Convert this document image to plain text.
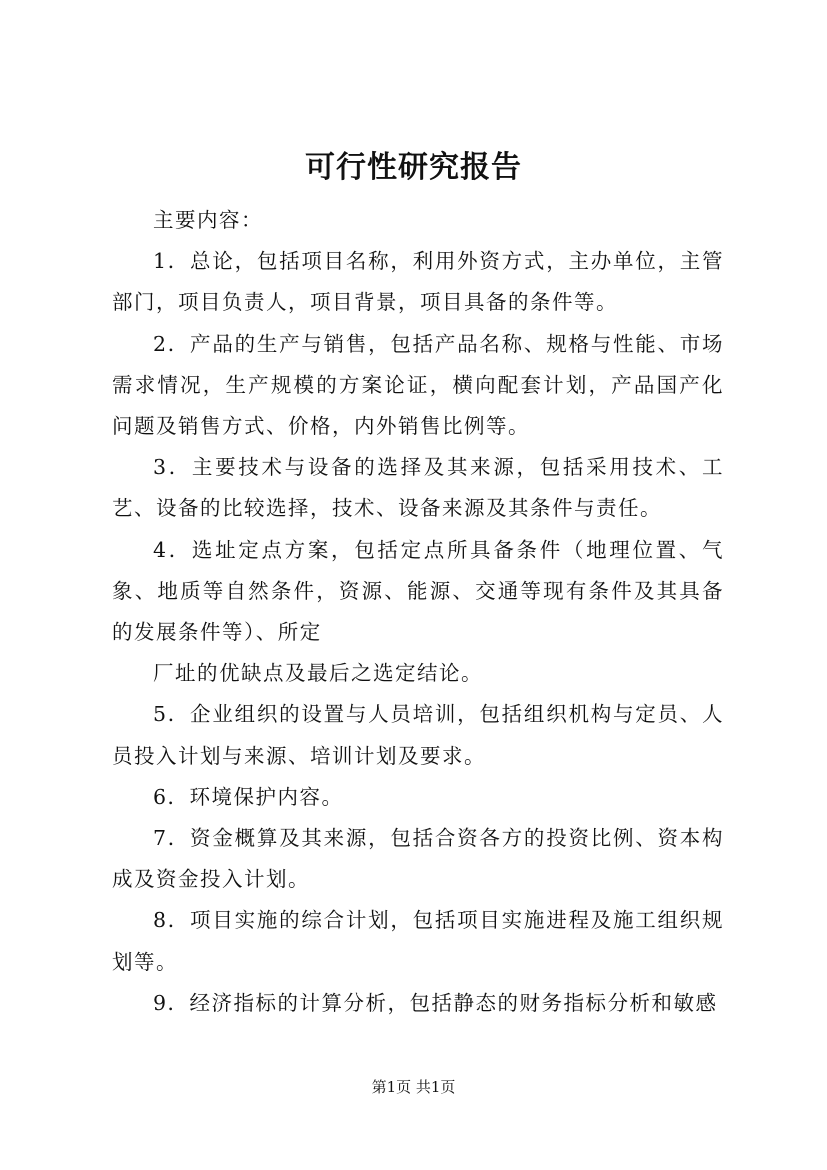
可行性研究报告

主要内容：

1．总论，包括项目名称，利用外资方式，主办单位，主管部门，项目负责人，项目背景，项目具备的条件等。

2．产品的生产与销售，包括产品名称、规格与性能、市场需求情况，生产规模的方案论证，横向配套计划，产品国产化问题及销售方式、价格，内外销售比例等。

3．主要技术与设备的选择及其来源，包括采用技术、工艺、设备的比较选择，技术、设备来源及其条件与责任。

4．选址定点方案，包括定点所具备条件（地理位置、气象、地质等自然条件，资源、能源、交通等现有条件及其具备的发展条件等）、所定

厂址的优缺点及最后之选定结论。

5．企业组织的设置与人员培训，包括组织机构与定员、人员投入计划与来源、培训计划及要求。

6．环境保护内容。

7．资金概算及其来源，包括合资各方的投资比例、资本构成及资金投入计划。

8．项目实施的综合计划，包括项目实施进程及施工组织规划等。

9．经济指标的计算分析，包括静态的财务指标分析和敏感

第1页 共1页
